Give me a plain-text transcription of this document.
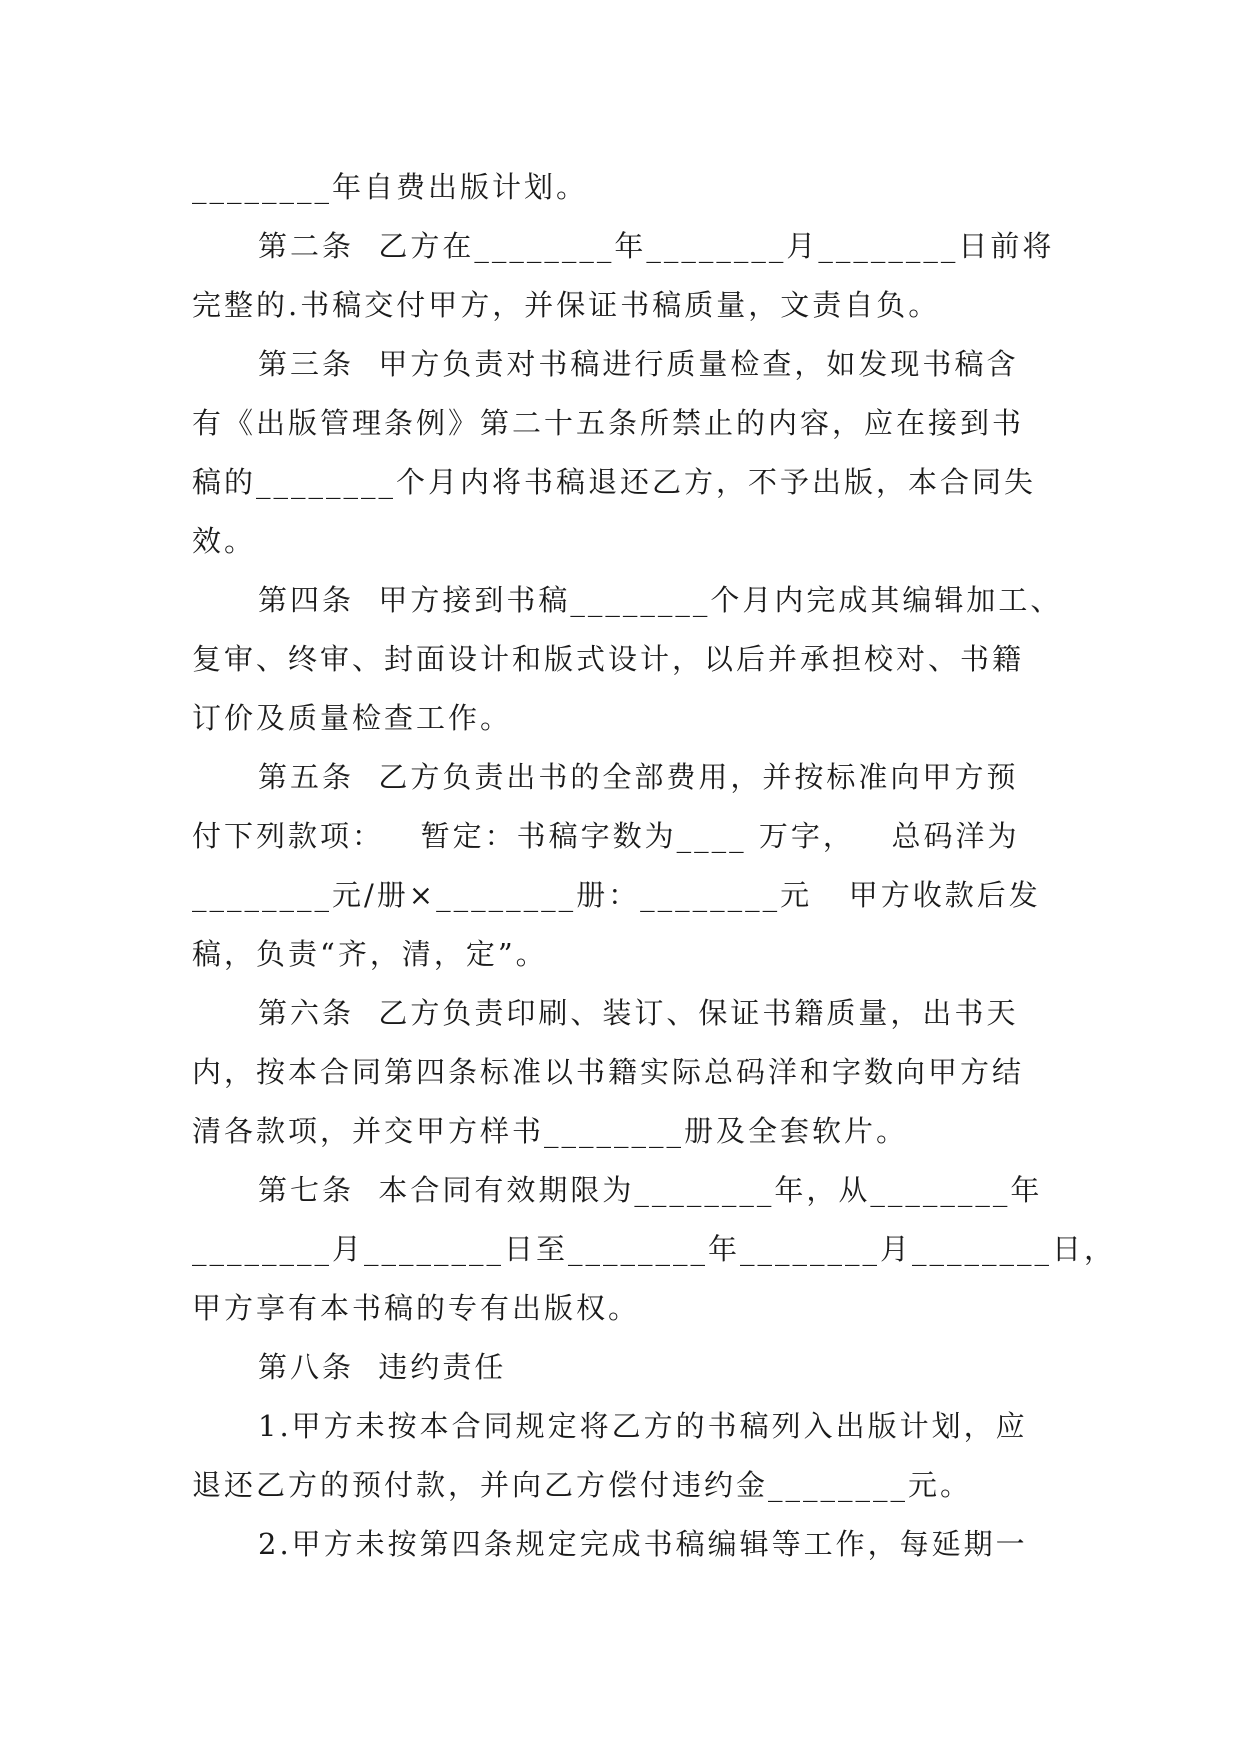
________年自费出版计划。
第二条  乙方在________年________月________日前将
完整的.书稿交付甲方，并保证书稿质量，文责自负。
第三条  甲方负责对书稿进行质量检查，如发现书稿含
有《出版管理条例》第二十五条所禁止的内容，应在接到书
稿的________个月内将书稿退还乙方，不予出版，本合同失
效。
第四条  甲方接到书稿________个月内完成其编辑加工、
复审、终审、封面设计和版式设计，以后并承担校对、书籍
订价及质量检查工作。
第五条  乙方负责出书的全部费用，并按标准向甲方预
付下列款项：   暂定：书稿字数为____ 万字，   总码洋为
________元/册×________册：________元   甲方收款后发
稿，负责“齐，清，定”。
第六条  乙方负责印刷、装订、保证书籍质量，出书天
内，按本合同第四条标准以书籍实际总码洋和字数向甲方结
清各款项，并交甲方样书________册及全套软片。
第七条  本合同有效期限为________年，从________年
________月________日至________年________月________日，
甲方享有本书稿的专有出版权。
第八条  违约责任
1.甲方未按本合同规定将乙方的书稿列入出版计划，应
退还乙方的预付款，并向乙方偿付违约金________元。
2.甲方未按第四条规定完成书稿编辑等工作，每延期一
